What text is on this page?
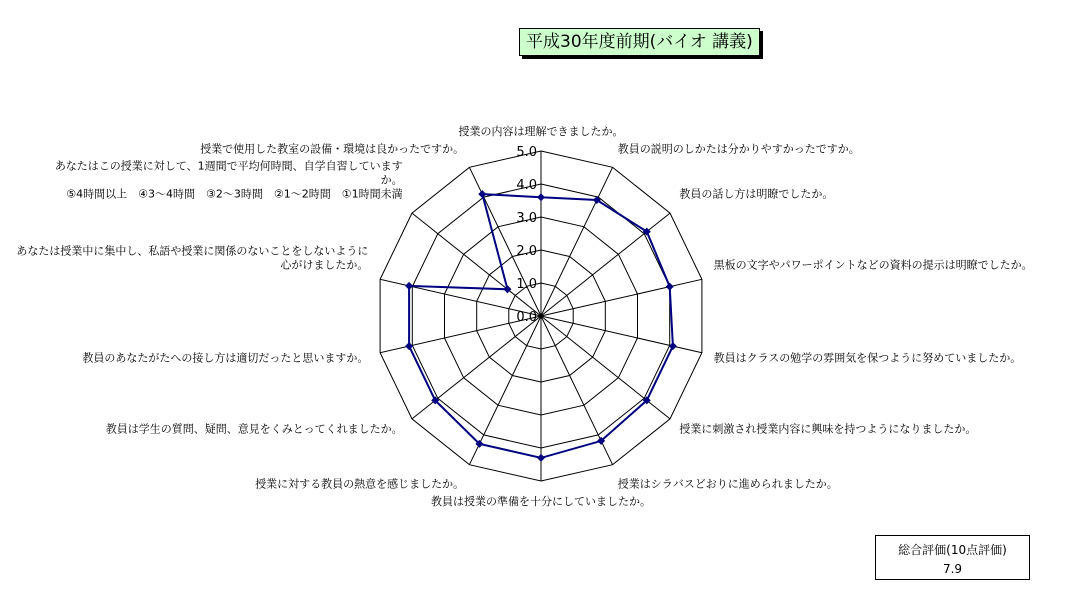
平成30年度前期(バイオ 講義)
0.0
1.0
2.0
3.0
4.0
5.0
授業の内容は理解できましたか。
教員の説明のしかたは分かりやすかったですか。
教員の話し方は明瞭でしたか。
黒板の文字やパワーポイントなどの資料の提示は明瞭でしたか。
教員はクラスの勉学の雰囲気を保つように努めていましたか。
授業に刺激され授業内容に興味を持つようになりましたか。
授業はシラバスどおりに進められましたか。
教員は授業の準備を十分にしていましたか。
授業に対する教員の熱意を感じましたか。
教員は学生の質問、疑問、意見をくみとってくれましたか。
教員のあなたがたへの接し方は適切だったと思いますか。
あなたは授業中に集中し、私語や授業に関係のないことをしないように
心がけましたか。
あなたはこの授業に対して、1週間で平均何時間、自学自習しています
か。
⑤4時間以上　④3～4時間　③2～3時間　②1～2時間　①1時間未満
授業で使用した教室の設備・環境は良かったですか。
総合評価(10点評価)
7.9
